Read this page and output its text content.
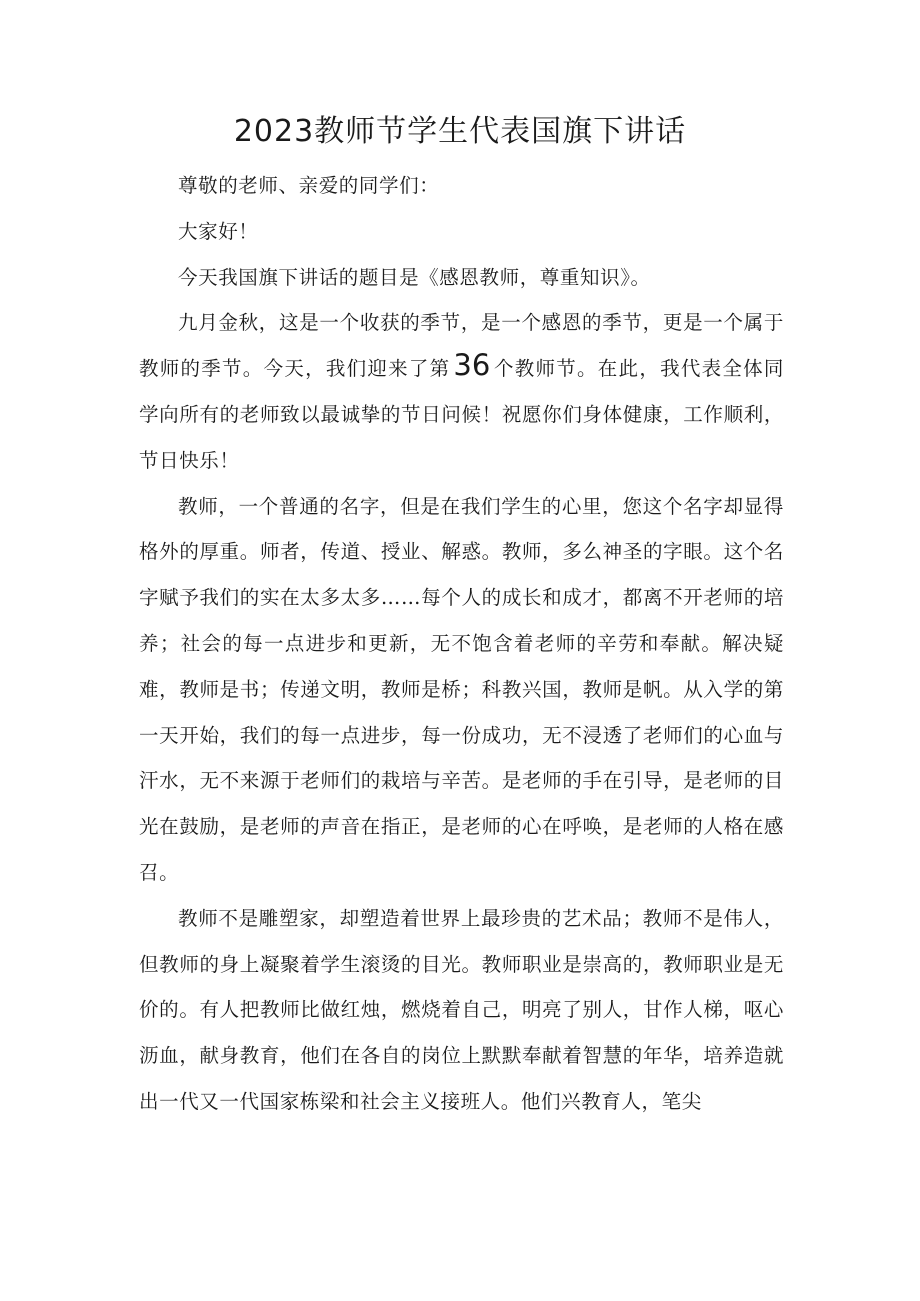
2023教师节学生代表国旗下讲话

尊敬的老师、亲爱的同学们：

大家好！

今天我国旗下讲话的题目是《感恩教师，尊重知识》。

九月金秋，这是一个收获的季节，是一个感恩的季节，更是一个属于教师的季节。今天，我们迎来了第 36 个教师节。在此，我代表全体同学向所有的老师致以最诚挚的节日问候！祝愿你们身体健康，工作顺利，节日快乐！

教师，一个普通的名字，但是在我们学生的心里，您这个名字却显得格外的厚重。师者，传道、授业、解惑。教师，多么神圣的字眼。这个名字赋予我们的实在太多太多……每个人的成长和成才，都离不开老师的培养；社会的每一点进步和更新，无不饱含着老师的辛劳和奉献。解决疑难，教师是书；传递文明，教师是桥；科教兴国，教师是帆。从入学的第一天开始，我们的每一点进步，每一份成功，无不浸透了老师们的心血与汗水，无不来源于老师们的栽培与辛苦。是老师的手在引导，是老师的目光在鼓励，是老师的声音在指正，是老师的心在呼唤，是老师的人格在感召。

教师不是雕塑家，却塑造着世界上最珍贵的艺术品；教师不是伟人，但教师的身上凝聚着学生滚烫的目光。教师职业是崇高的，教师职业是无价的。有人把教师比做红烛，燃烧着自己，明亮了别人，甘作人梯，呕心沥血，献身教育，他们在各自的岗位上默默奉献着智慧的年华，培养造就出一代又一代国家栋梁和社会主义接班人。他们兴教育人，笔尖
